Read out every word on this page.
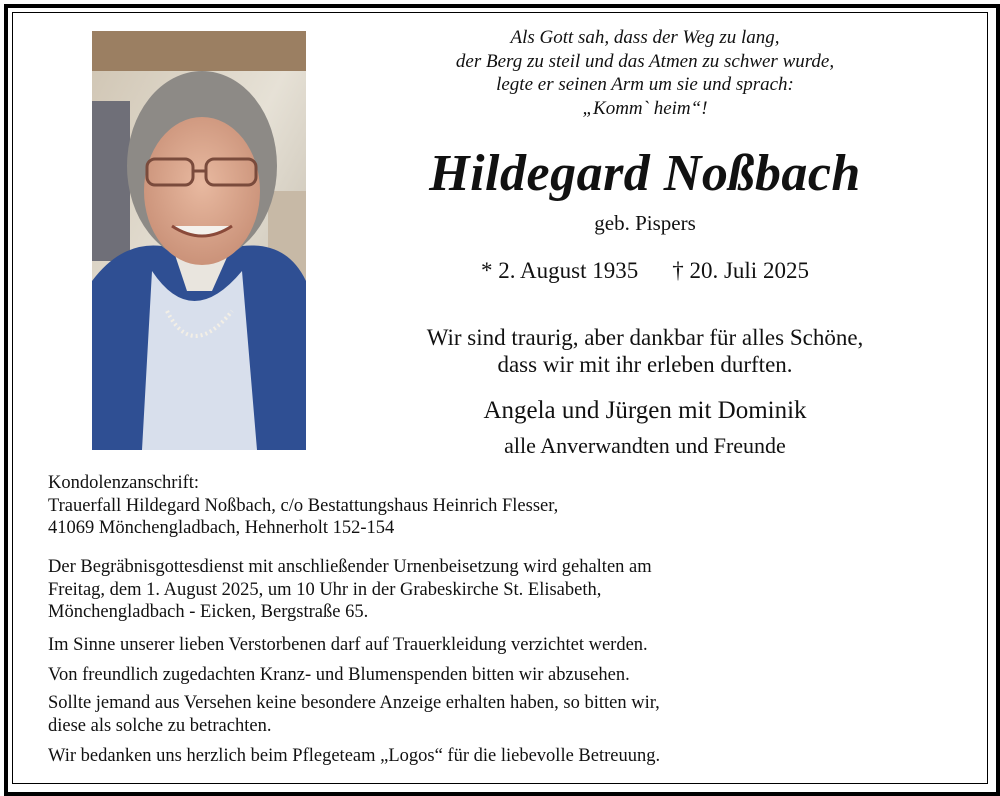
Als Gott sah, dass der Weg zu lang,
der Berg zu steil und das Atmen zu schwer wurde,
legte er seinen Arm um sie und sprach:
„Komm` heim“!
Hildegard Noßbach
geb. Pispers
* 2. August 1935 † 20. Juli 2025
Wir sind traurig, aber dankbar für alles Schöne,
dass wir mit ihr erleben durften.
Angela und Jürgen mit Dominik
alle Anverwandten und Freunde
Kondolenzanschrift:
Trauerfall Hildegard Noßbach, c/o Bestattungshaus Heinrich Flesser,
41069 Mönchengladbach, Hehnerholt 152-154
Der Begräbnisgottesdienst mit anschließender Urnenbeisetzung wird gehalten am
Freitag, dem 1. August 2025, um 10 Uhr in der Grabeskirche St. Elisabeth,
Mönchengladbach - Eicken, Bergstraße 65.
Im Sinne unserer lieben Verstorbenen darf auf Trauerkleidung verzichtet werden.
Von freundlich zugedachten Kranz- und Blumenspenden bitten wir abzusehen.
Sollte jemand aus Versehen keine besondere Anzeige erhalten haben, so bitten wir,
diese als solche zu betrachten.
Wir bedanken uns herzlich beim Pflegeteam „Logos“ für die liebevolle Betreuung.
